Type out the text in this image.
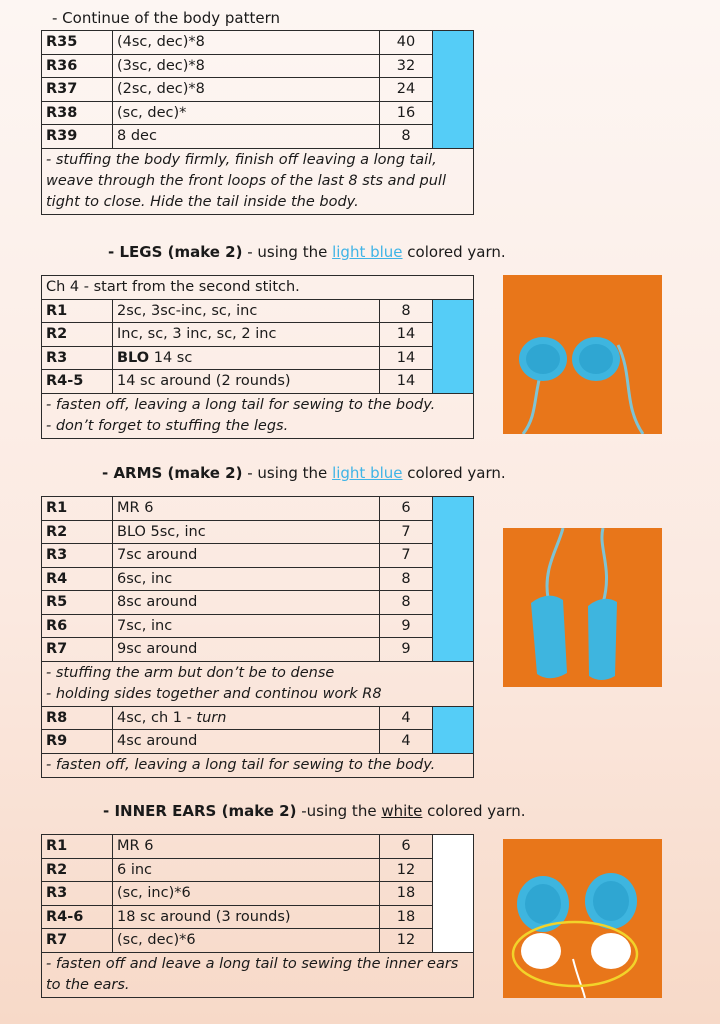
- Continue of the body pattern
R35	(4sc, dec)*8	40	
R36	(3sc, dec)*8	32	
R37	(2sc, dec)*8	24	
R38	(sc, dec)*	16	
R39	8 dec	8	
- stuffing the body firmly, finish off leaving a long tail, weave through the front loops of the last 8 sts and pull tight to close. Hide the tail inside the body.			
- LEGS (make 2) - using the light blue colored yarn.
Ch 4 - start from the second stitch.			
R1	2sc, 3sc-inc, sc, inc	8	
R2	Inc, sc, 3 inc, sc, 2 inc	14	
R3	BLO 14 sc	14	
R4-5	14 sc around (2 rounds)	14	

- fasten off, leaving a long tail for sewing to the body.
- don’t forget to stuffing the legs.			
- ARMS (make 2) - using the light blue colored yarn.
R1	MR 6	6	
R2	BLO 5sc, inc	7	
R3	7sc around	7	
R4	6sc, inc	8	
R5	8sc around	8	
R6	7sc, inc	9	
R7	9sc around	9	

- stuffing the arm but don’t be to dense
- holding sides together and continou work R8			

R8	4sc, ch 1 - turn	4	
R9	4sc around	4	
- fasten off, leaving a long tail for sewing to the body.			
- INNER EARS (make 2) -using the white colored yarn.
R1	MR 6	6	
R2	6 inc	12	
R3	(sc, inc)*6	18	
R4-6	18 sc around (3 rounds)	18	
R7	(sc, dec)*6	12	
- fasten off and leave a long tail to sewing the inner ears to the ears.			
